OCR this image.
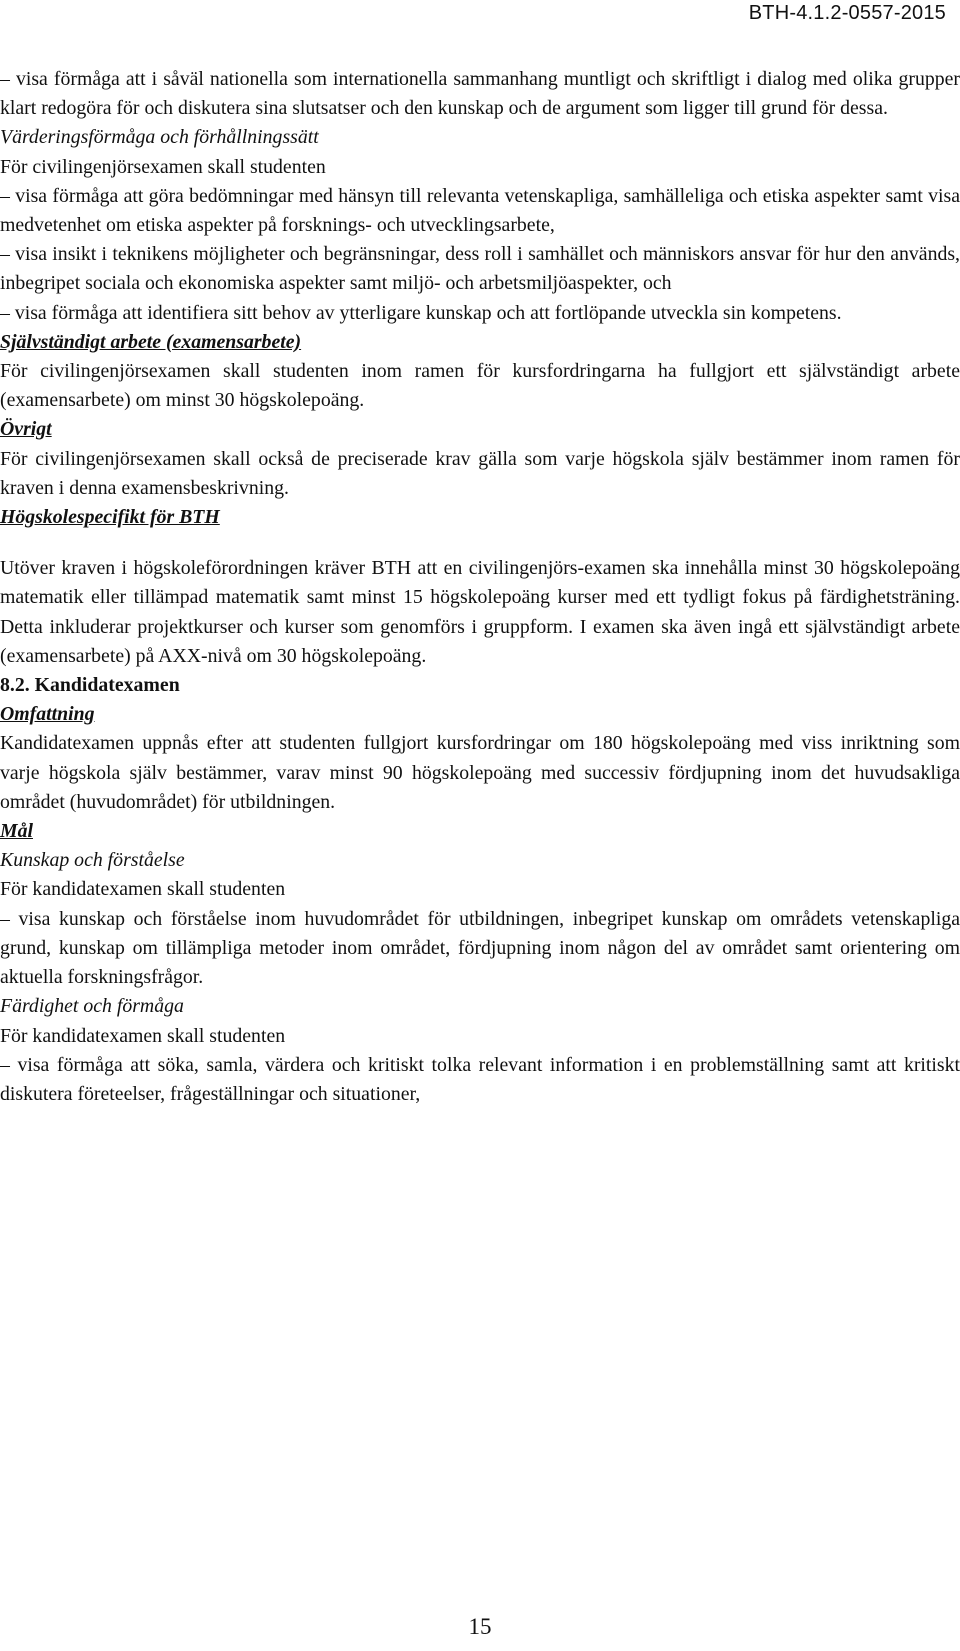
BTH-4.1.2-0557-2015

– visa förmåga att i såväl nationella som internationella sammanhang muntligt och skriftligt i dialog med olika grupper klart redogöra för och diskutera sina slutsatser och den kunskap och de argument som ligger till grund för dessa.

Värderingsförmåga och förhållningssätt

För civilingenjörsexamen skall studenten

– visa förmåga att göra bedömningar med hänsyn till relevanta vetenskapliga, samhälleliga och etiska aspekter samt visa medvetenhet om etiska aspekter på forsknings- och utvecklingsarbete,

– visa insikt i teknikens möjligheter och begränsningar, dess roll i samhället och människors ansvar för hur den används, inbegripet sociala och ekonomiska aspekter samt miljö- och arbetsmiljöaspekter, och

– visa förmåga att identifiera sitt behov av ytterligare kunskap och att fortlöpande utveckla sin kompetens.

Självständigt arbete (examensarbete)

För civilingenjörsexamen skall studenten inom ramen för kursfordringarna ha fullgjort ett självständigt arbete (examensarbete) om minst 30 högskolepoäng.

Övrigt

För civilingenjörsexamen skall också de preciserade krav gälla som varje högskola själv bestämmer inom ramen för kraven i denna examensbeskrivning.

Högskolespecifikt för BTH

Utöver kraven i högskoleförordningen kräver BTH att en civilingenjörs-examen ska innehålla minst 30 högskolepoäng matematik eller tillämpad matematik samt minst 15 högskolepoäng kurser med ett tydligt fokus på färdighetsträning. Detta inkluderar projektkurser och kurser som genomförs i gruppform. I examen ska även ingå ett självständigt arbete (examensarbete) på AXX-nivå om 30 högskolepoäng.

8.2. Kandidatexamen

Omfattning

Kandidatexamen uppnås efter att studenten fullgjort kursfordringar om 180 högskolepoäng med viss inriktning som varje högskola själv bestämmer, varav minst 90 högskolepoäng med successiv fördjupning inom det huvudsakliga området (huvudområdet) för utbildningen.

Mål

Kunskap och förståelse

För kandidatexamen skall studenten

– visa kunskap och förståelse inom huvudområdet för utbildningen, inbegripet kunskap om områdets vetenskapliga grund, kunskap om tillämpliga metoder inom området, fördjupning inom någon del av området samt orientering om aktuella forskningsfrågor.

Färdighet och förmåga

För kandidatexamen skall studenten

– visa förmåga att söka, samla, värdera och kritiskt tolka relevant information i en problemställning samt att kritiskt diskutera företeelser, frågeställningar och situationer,

15
